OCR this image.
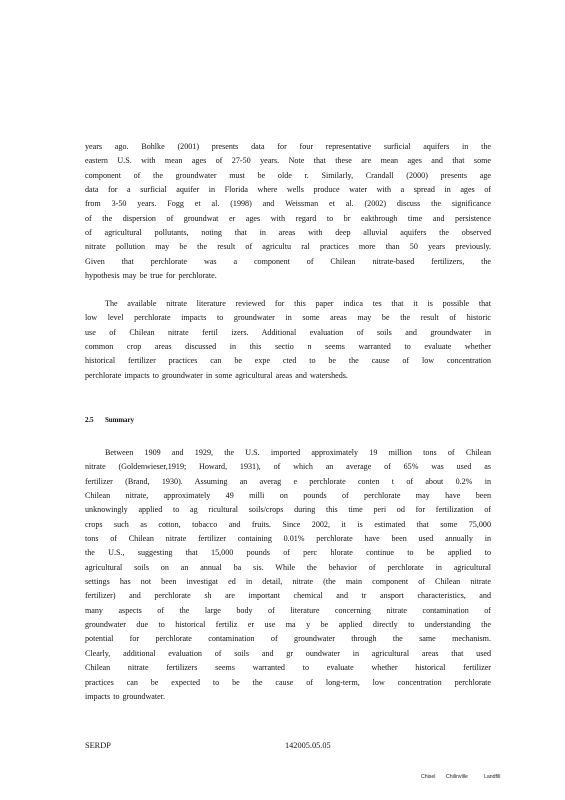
years ago. Bohlke (2001) presents data for four representative surficial aquifers in the
eastern U.S. with mean ages of 27-50 years. Note that these are mean ages and that some
component of the groundwater must be olde r. Similarly, Crandall (2000) presents age
data for a surficial aquifer in Florida where wells produce water with a spread in ages of
from 3-50 years. Fogg et al. (1998) and Weissman et al. (2002) discuss the significance
of the dispersion of groundwat er ages with regard to br eakthrough time and persistence
of agricultural pollutants, noting that in areas with deep alluvial aquifers the observed
nitrate pollution may be the result of agricultu ral practices more than 50 years previously.
Given that perchlorate was a component of Chilean nitrate-based fertilizers, the
hypothesis may be true for perchlorate.
The available nitrate literature reviewed for this paper indica tes that it is possible that
low level perchlorate impacts to groundwater in some areas may be the result of historic
use of Chilean nitrate fertil izers. Additional evaluation of soils and groundwater in
common crop areas discussed in this sectio n seems warranted to evaluate whether
historical fertilizer practices can be expe cted to be the cause of low concentration
perchlorate impacts to groundwater in some agricultural areas and watersheds.
2.5 Summary
Between 1909 and 1929, the U.S. imported approximately 19 million tons of Chilean
nitrate (Goldenwieser,1919; Howard, 1931), of which an average of 65% was used as
fertilizer (Brand, 1930). Assuming an averag e perchlorate conten t of about 0.2% in
Chilean nitrate, approximately 49 milli on pounds of perchlorate may have been
unknowingly applied to ag ricultural soils/crops during this time peri od for fertilization of
crops such as cotton, tobacco and fruits. Since 2002, it is estimated that some 75,000
tons of Chilean nitrate fertilizer containing 0.01% perchlorate have been used annually in
the U.S., suggesting that 15,000 pounds of perc hlorate continue to be applied to
agricultural soils on an annual ba sis. While the behavior of perchlorate in agricultural
settings has not been investigat ed in detail, nitrate (the main component of Chilean nitrate
fertilizer) and perchlorate sh are important chemical and tr ansport characteristics, and
many aspects of the large body of literature concerning nitrate contamination of
groundwater due to historical fertiliz er use ma y be applied directly to understanding the
potential for perchlorate contamination of groundwater through the same mechanism.
Clearly, additional evaluation of soils and gr oundwater in agricultural areas that used
Chilean nitrate fertilizers seems warranted to evaluate whether historical fertilizer
practices can be expected to be the cause of long-term, low concentration perchlorate
impacts to groundwater.
SERDP	142005.05.05
Chisel Chilinville	Landfill
